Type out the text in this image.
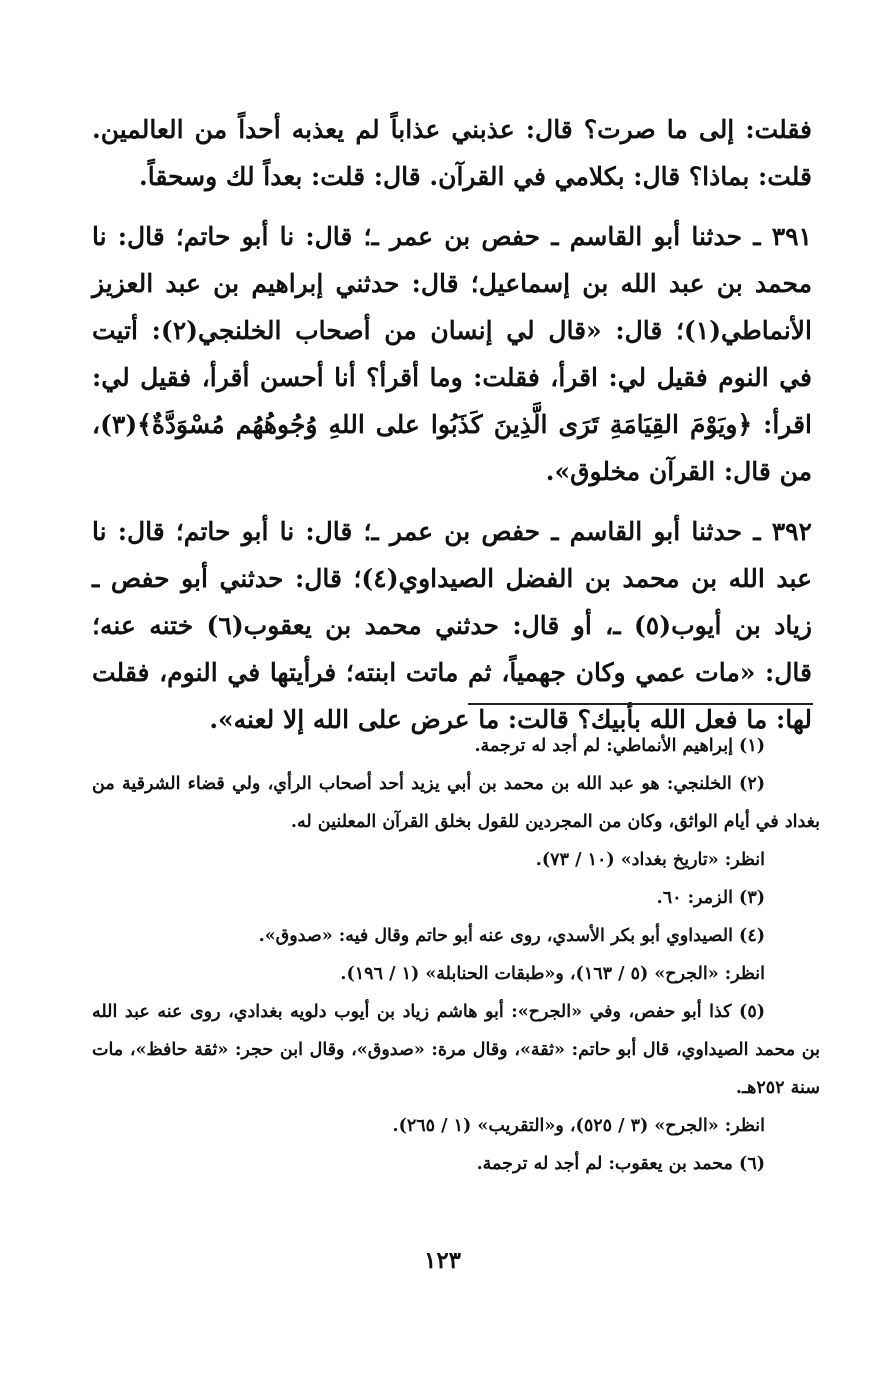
فقلت: إلى ما صرت؟ قال: عذبني عذاباً لم يعذبه أحداً من العالمين. قلت: بماذا؟ قال: بكلامي في القرآن. قال: قلت: بعداً لك وسحقاً.

٣٩١ ـ حدثنا أبو القاسم ـ حفص بن عمر ـ؛ قال: نا أبو حاتم؛ قال: نا محمد بن عبد الله بن إسماعيل؛ قال: حدثني إبراهيم بن عبد العزيز الأنماطي(١)؛ قال: «قال لي إنسان من أصحاب الخلنجي(٢): أتيت في النوم فقيل لي: اقرأ، فقلت: وما أقرأ؟ أنا أحسن أقرأ، فقيل لي: اقرأ: ﴿ويَوْمَ القِيَامَةِ تَرَى الَّذِينَ كَذَبُوا على اللهِ وُجُوهُهُم مُسْوَدَّةٌ﴾(٣)، من قال: القرآن مخلوق».

٣٩٢ ـ حدثنا أبو القاسم ـ حفص بن عمر ـ؛ قال: نا أبو حاتم؛ قال: نا عبد الله بن محمد بن الفضل الصيداوي(٤)؛ قال: حدثني أبو حفص ـ زياد بن أيوب(٥) ـ، أو قال: حدثني محمد بن يعقوب(٦) ختنه عنه؛ قال: «مات عمي وكان جهمياً، ثم ماتت ابنته؛ فرأيتها في النوم، فقلت لها: ما فعل الله بأبيك؟ قالت: ما عرض على الله إلا لعنه».

(١) إبراهيم الأنماطي: لم أجد له ترجمة.

(٢) الخلنجي: هو عبد الله بن محمد بن أبي يزيد أحد أصحاب الرأي، ولي قضاء الشرقية من بغداد في أيام الواثق، وكان من المجردين للقول بخلق القرآن المعلنين له.

انظر: «تاريخ بغداد» (١٠ / ٧٣).

(٣) الزمر: ٦٠.

(٤) الصيداوي أبو بكر الأسدي، روى عنه أبو حاتم وقال فيه: «صدوق».

انظر: «الجرح» (٥ / ١٦٣)، و«طبقات الحنابلة» (١ / ١٩٦).

(٥) كذا أبو حفص، وفي «الجرح»: أبو هاشم زياد بن أيوب دلويه بغدادي، روى عنه عبد الله بن محمد الصيداوي، قال أبو حاتم: «ثقة»، وقال مرة: «صدوق»، وقال ابن حجر: «ثقة حافظ»، مات سنة ٢٥٢هـ.

انظر: «الجرح» (٣ / ٥٢٥)، و«التقريب» (١ / ٢٦٥).

(٦) محمد بن يعقوب: لم أجد له ترجمة.

١٢٣
